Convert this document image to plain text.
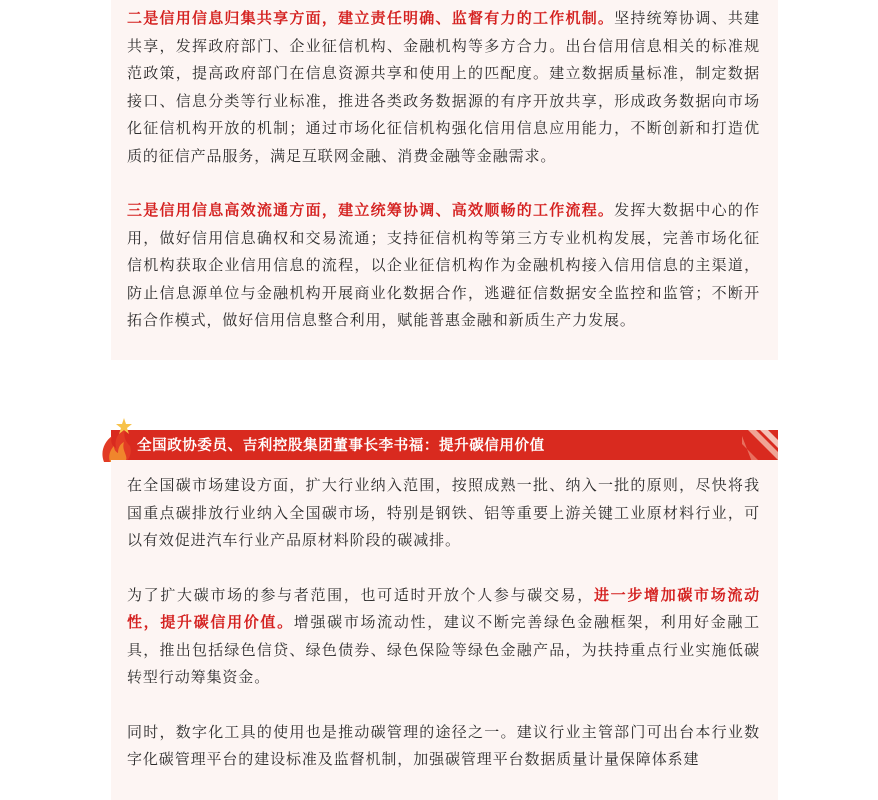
二是信用信息归集共享方面，建立责任明确、监督有力的工作机制。坚持统筹协调、共建共享，发挥政府部门、企业征信机构、金融机构等多方合力。出台信用信息相关的标准规范政策，提高政府部门在信息资源共享和使用上的匹配度。建立数据质量标准，制定数据接口、信息分类等行业标准，推进各类政务数据源的有序开放共享，形成政务数据向市场化征信机构开放的机制；通过市场化征信机构强化信用信息应用能力，不断创新和打造优质的征信产品服务，满足互联网金融、消费金融等金融需求。

三是信用信息高效流通方面，建立统筹协调、高效顺畅的工作流程。发挥大数据中心的作用，做好信用信息确权和交易流通；支持征信机构等第三方专业机构发展，完善市场化征信机构获取企业信用信息的流程，以企业征信机构作为金融机构接入信用信息的主渠道，防止信息源单位与金融机构开展商业化数据合作，逃避征信数据安全监控和监管；不断开拓合作模式，做好信用信息整合利用，赋能普惠金融和新质生产力发展。

全国政协委员、吉利控股集团董事长李书福：提升碳信用价值

在全国碳市场建设方面，扩大行业纳入范围，按照成熟一批、纳入一批的原则，尽快将我国重点碳排放行业纳入全国碳市场，特别是钢铁、铝等重要上游关键工业原材料行业，可以有效促进汽车行业产品原材料阶段的碳减排。

为了扩大碳市场的参与者范围，也可适时开放个人参与碳交易，进一步增加碳市场流动性，提升碳信用价值。增强碳市场流动性，建议不断完善绿色金融框架，利用好金融工具，推出包括绿色信贷、绿色债券、绿色保险等绿色金融产品，为扶持重点行业实施低碳转型行动筹集资金。

同时，数字化工具的使用也是推动碳管理的途径之一。建议行业主管部门可出台本行业数字化碳管理平台的建设标准及监督机制，加强碳管理平台数据质量计量保障体系建
